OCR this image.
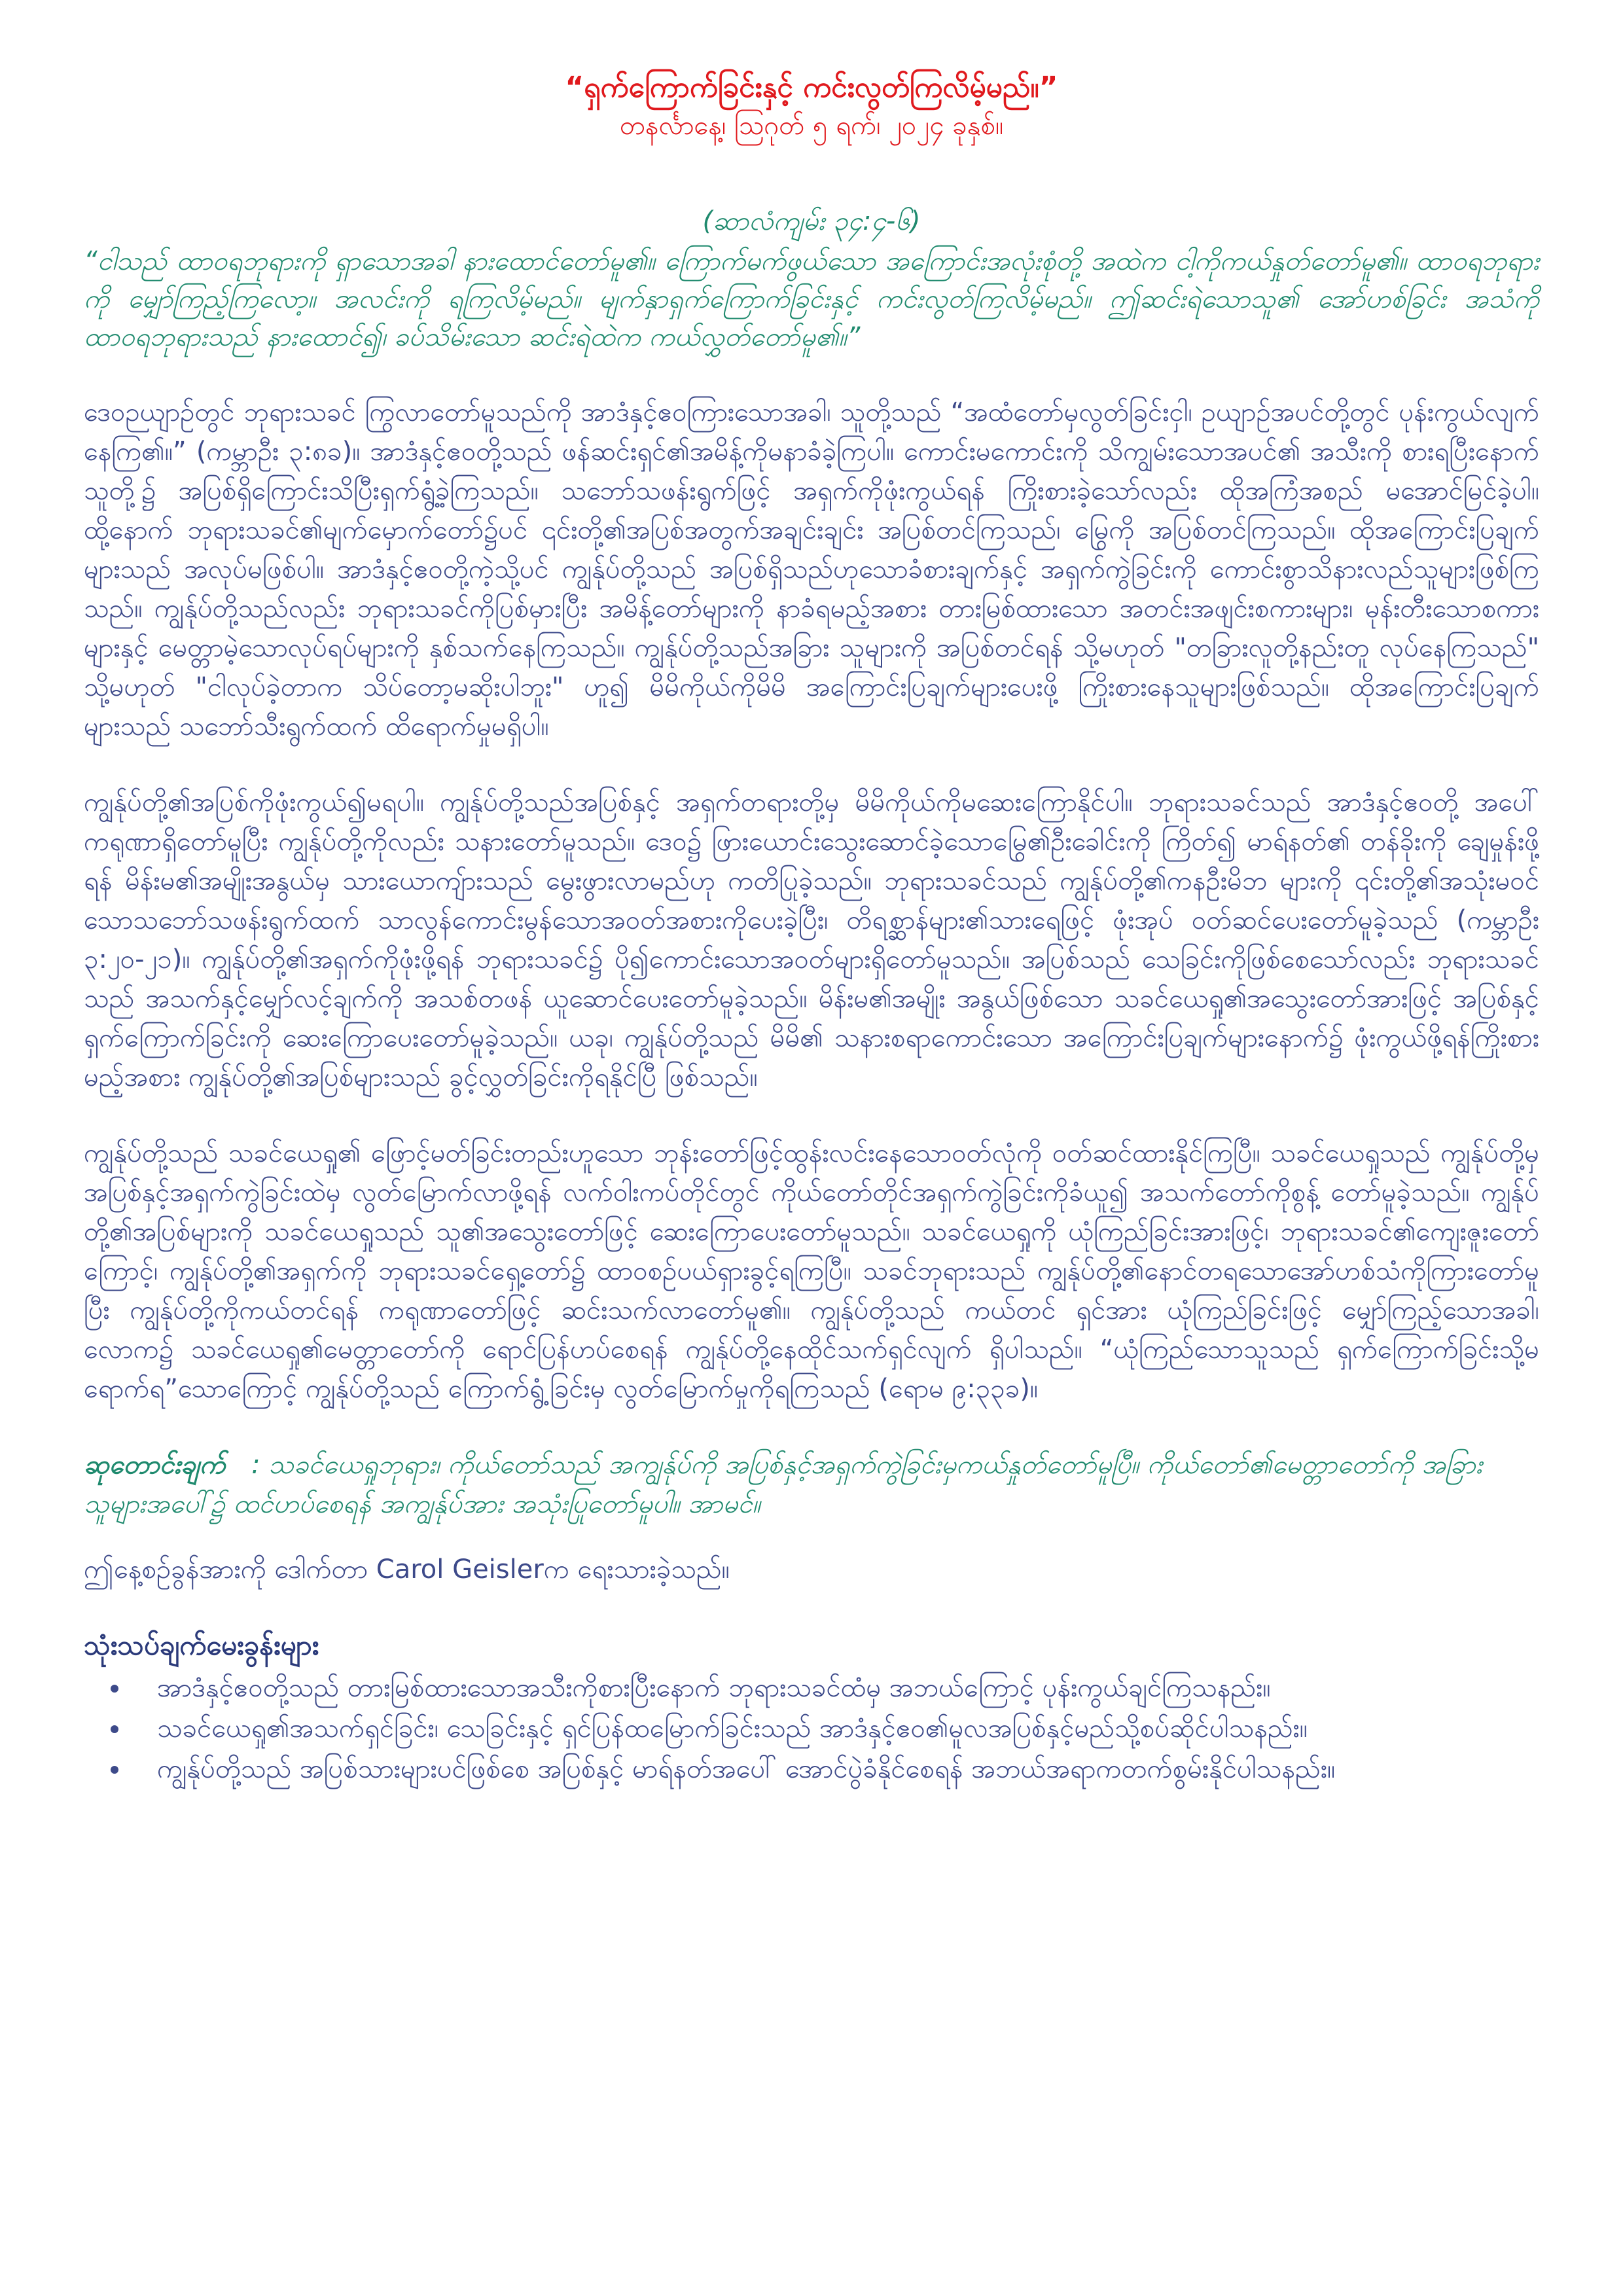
“ရှက်ကြောက်ခြင်းနှင့် ကင်းလွတ်ကြလိမ့်မည်။”
တနင်္လာနေ့၊ ဩဂုတ် ၅ ရက်၊ ၂၀၂၄ ခုနှစ်။
(ဆာလံကျမ်း ၃၄:၄-၆)
“ငါသည် ထာဝရဘုရားကို ရှာသောအခါ နားထောင်တော်မူ၏။ ကြောက်မက်ဖွယ်သော အကြောင်းအလုံးစုံတို့ အထဲက ငါ့ကိုကယ်နှုတ်တော်မူ၏။ ထာဝရဘုရားကို မျှော်ကြည့်ကြလော့။ အလင်းကို ရကြလိမ့်မည်။ မျက်နှာရှက်ကြောက်ခြင်းနှင့် ကင်းလွတ်ကြလိမ့်မည်။ ဤဆင်းရဲသောသူ၏ အော်ဟစ်ခြင်း အသံကို ထာဝရဘုရားသည် နားထောင်၍၊ ခပ်သိမ်းသော ဆင်းရဲထဲက ကယ်လွှတ်တော်မူ၏။”
ဒေဝဉယျာဉ်တွင် ဘုရားသခင် ကြွလာတော်မူသည်ကို အာဒံနှင့်ဧဝကြားသောအခါ၊ သူတို့သည် “အထံတော်မှလွတ်ခြင်းငှါ၊ ဥယျာဉ်အပင်တို့တွင် ပုန်းကွယ်လျက်နေကြ၏။” (ကမ္ဘာဦး ၃:၈ခ)။ အာဒံနှင့်ဧဝတို့သည် ဖန်ဆင်းရှင်၏အမိန့်ကိုမနာခံခဲ့ကြပါ။ ကောင်းမကောင်းကို သိကျွမ်းသောအပင်၏ အသီးကို စားရပြီးနောက် သူတို့၌ အပြစ်ရှိကြောင်းသိပြီးရှက်ရွံ့ခဲ့ကြသည်။ သဘော်သဖန်းရွက်ဖြင့် အရှက်ကိုဖုံးကွယ်ရန် ကြိုးစားခဲ့သော်လည်း ထိုအကြံအစည် မအောင်မြင်ခဲ့ပါ။ ထို့နောက် ဘုရားသခင်၏မျက်မှောက်တော်၌ပင် ၎င်းတို့၏အပြစ်အတွက်အချင်းချင်း အပြစ်တင်ကြသည်၊ မြွေကို အပြစ်တင်ကြသည်။ ထိုအကြောင်းပြချက်များသည် အလုပ်မဖြစ်ပါ။ အာဒံနှင့်ဧဝတို့ကဲ့သို့ပင် ကျွန်ုပ်တို့သည် အပြစ်ရှိသည်ဟုသောခံစားချက်နှင့် အရှက်ကွဲခြင်းကို ကောင်းစွာသိနားလည်သူများဖြစ်ကြသည်။ ကျွန်ုပ်တို့သည်လည်း ဘုရားသခင်ကိုပြစ်မှားပြီး အမိန့်တော်များကို နာခံရမည့်အစား တားမြစ်ထားသော အတင်းအဖျင်းစကားများ၊ မုန်းတီးသောစကားများနှင့် မေတ္တာမဲ့သောလုပ်ရပ်များကို နှစ်သက်နေကြသည်။ ကျွန်ုပ်တို့သည်အခြား သူများကို အပြစ်တင်ရန် သို့မဟုတ် "တခြားလူတို့နည်းတူ လုပ်နေကြသည်" သို့မဟုတ် "ငါလုပ်ခဲ့တာက သိပ်တော့မဆိုးပါဘူး" ဟူ၍ မိမိကိုယ်ကိုမိမိ အကြောင်းပြချက်များပေးဖို့ ကြိုးစားနေသူများဖြစ်သည်။ ထိုအကြောင်းပြချက်များသည် သဘော်သီးရွက်ထက် ထိရောက်မှုမရှိပါ။
ကျွန်ုပ်တို့၏အပြစ်ကိုဖုံးကွယ်၍မရပါ။ ကျွန်ုပ်တို့သည်အပြစ်နှင့် အရှက်တရားတို့မှ မိမိကိုယ်ကိုမဆေးကြောနိုင်ပါ။ ဘုရားသခင်သည် အာဒံနှင့်ဧဝတို့ အပေါ် ကရုဏာရှိတော်မူပြီး ကျွန်ုပ်တို့ကိုလည်း သနားတော်မူသည်။ ဒေဝ၌ ဖြားယောင်းသွေးဆောင်ခဲ့သောမြွေ၏ဦးခေါင်းကို ကြိတ်၍ မာရ်နတ်၏ တန်ခိုးကို ချေမှုန်းဖို့ရန် မိန်းမ၏အမျိုးအနွယ်မှ သားယောကျ်ားသည် မွေးဖွားလာမည်ဟု ကတိပြုခဲ့သည်။ ဘုရားသခင်သည် ကျွန်ုပ်တို့၏ကနဦးမိဘ များကို ၎င်းတို့၏အသုံးမဝင်သောသဘော်သဖန်းရွက်ထက် သာလွန်ကောင်းမွန်သောအဝတ်အစားကိုပေးခဲ့ပြီး၊ တိရစ္ဆာန်များ၏သားရေဖြင့် ဖုံးအုပ် ဝတ်ဆင်ပေးတော်မူခဲ့သည် (ကမ္ဘာဦး ၃:၂၀-၂၁)။ ကျွန်ုပ်တို့၏အရှက်ကိုဖုံးဖို့ရန် ဘုရားသခင်၌ ပို၍ကောင်းသောအဝတ်များရှိတော်မူသည်။ အပြစ်သည် သေခြင်းကိုဖြစ်စေသော်လည်း ဘုရားသခင်သည် အသက်နှင့်မျှော်လင့်ချက်ကို အသစ်တဖန် ယူဆောင်ပေးတော်မူခဲ့သည်။ မိန်းမ၏အမျိုး အနွယ်ဖြစ်သော သခင်ယေရှု၏အသွေးတော်အားဖြင့် အပြစ်နှင့်ရှက်ကြောက်ခြင်းကို ဆေးကြောပေးတော်မူခဲ့သည်။ ယခု၊ ကျွန်ုပ်တို့သည် မိမိ၏ သနားစရာကောင်းသော အကြောင်းပြချက်များနောက်၌ ဖုံးကွယ်ဖို့ရန်ကြိုးစားမည့်အစား ကျွန်ုပ်တို့၏အပြစ်များသည် ခွင့်လွှတ်ခြင်းကိုရနိုင်ပြီ ဖြစ်သည်။
ကျွန်ုပ်တို့သည် သခင်ယေရှု၏ ဖြောင့်မတ်ခြင်းတည်းဟူသော ဘုန်းတော်ဖြင့်ထွန်းလင်းနေသောဝတ်လုံကို ဝတ်ဆင်ထားနိုင်ကြပြီ။ သခင်ယေရှုသည် ကျွန်ုပ်တို့မှ အပြစ်နှင့်အရှက်ကွဲခြင်းထဲမှ လွတ်မြောက်လာဖို့ရန် လက်ဝါးကပ်တိုင်တွင် ကိုယ်တော်တိုင်အရှက်ကွဲခြင်းကိုခံယူ၍ အသက်တော်ကိုစွန့် တော်မူခဲ့သည်။ ကျွန်ုပ်တို့၏အပြစ်များကို သခင်ယေရှုသည် သူ၏အသွေးတော်ဖြင့် ဆေးကြောပေးတော်မူသည်။ သခင်ယေရှုကို ယုံကြည်ခြင်းအားဖြင့်၊ ဘုရားသခင်၏ကျေးဇူးတော်ကြောင့်၊ ကျွန်ုပ်တို့၏အရှက်ကို ဘုရားသခင်ရှေ့တော်၌ ထာဝစဉ်ပယ်ရှားခွင့်ရကြပြီ။ သခင်ဘုရားသည် ကျွန်ုပ်တို့၏နောင်တရသောအော်ဟစ်သံကိုကြားတော်မူပြီး ကျွန်ုပ်တို့ကိုကယ်တင်ရန် ကရုဏာတော်ဖြင့် ဆင်းသက်လာတော်မူ၏။ ကျွန်ုပ်တို့သည် ကယ်တင် ရှင်အား ယုံကြည်ခြင်းဖြင့် မျှော်ကြည့်သောအခါ၊ လောက၌ သခင်ယေရှု၏မေတ္တာတော်ကို ရောင်ပြန်ဟပ်စေရန် ကျွန်ုပ်တို့နေထိုင်သက်ရှင်လျက် ရှိပါသည်။ “ယုံကြည်သောသူသည် ရှက်ကြောက်ခြင်းသို့မရောက်ရ”သောကြောင့် ကျွန်ုပ်တို့သည် ကြောက်ရွံ့ခြင်းမှ လွတ်မြောက်မှုကိုရကြသည် (ရောမ ၉:၃၃ခ)။
ဆုတောင်းချက် : သခင်ယေရှုဘုရား၊ ကိုယ်တော်သည် အကျွန်ုပ်ကို အပြစ်နှင့်အရှက်ကွဲခြင်းမှကယ်နှုတ်တော်မူပြီ။ ကိုယ်တော်၏မေတ္တာတော်ကို အခြားသူများအပေါ်၌ ထင်ဟပ်စေရန် အကျွန်ုပ်အား အသုံးပြုတော်မူပါ။ အာမင်။
ဤနေ့စဉ်ခွန်အားကို ဒေါက်တာ Carol Geislerက ရေးသားခဲ့သည်။
သုံးသပ်ချက်မေးခွန်းများ
• အာဒံနှင့်ဧဝတို့သည် တားမြစ်ထားသောအသီးကိုစားပြီးနောက် ဘုရားသခင်ထံမှ အဘယ်ကြောင့် ပုန်းကွယ်ချင်ကြသနည်း။
• သခင်ယေရှု၏အသက်ရှင်ခြင်း၊ သေခြင်းနှင့် ရှင်ပြန်ထမြောက်ခြင်းသည် အာဒံနှင့်ဧဝ၏မူလအပြစ်နှင့်မည်သို့စပ်ဆိုင်ပါသနည်း။
• ကျွန်ုပ်တို့သည် အပြစ်သားများပင်ဖြစ်စေ အပြစ်နှင့် မာရ်နတ်အပေါ် အောင်ပွဲခံနိုင်စေရန် အဘယ်အရာကတက်စွမ်းနိုင်ပါသနည်း။
